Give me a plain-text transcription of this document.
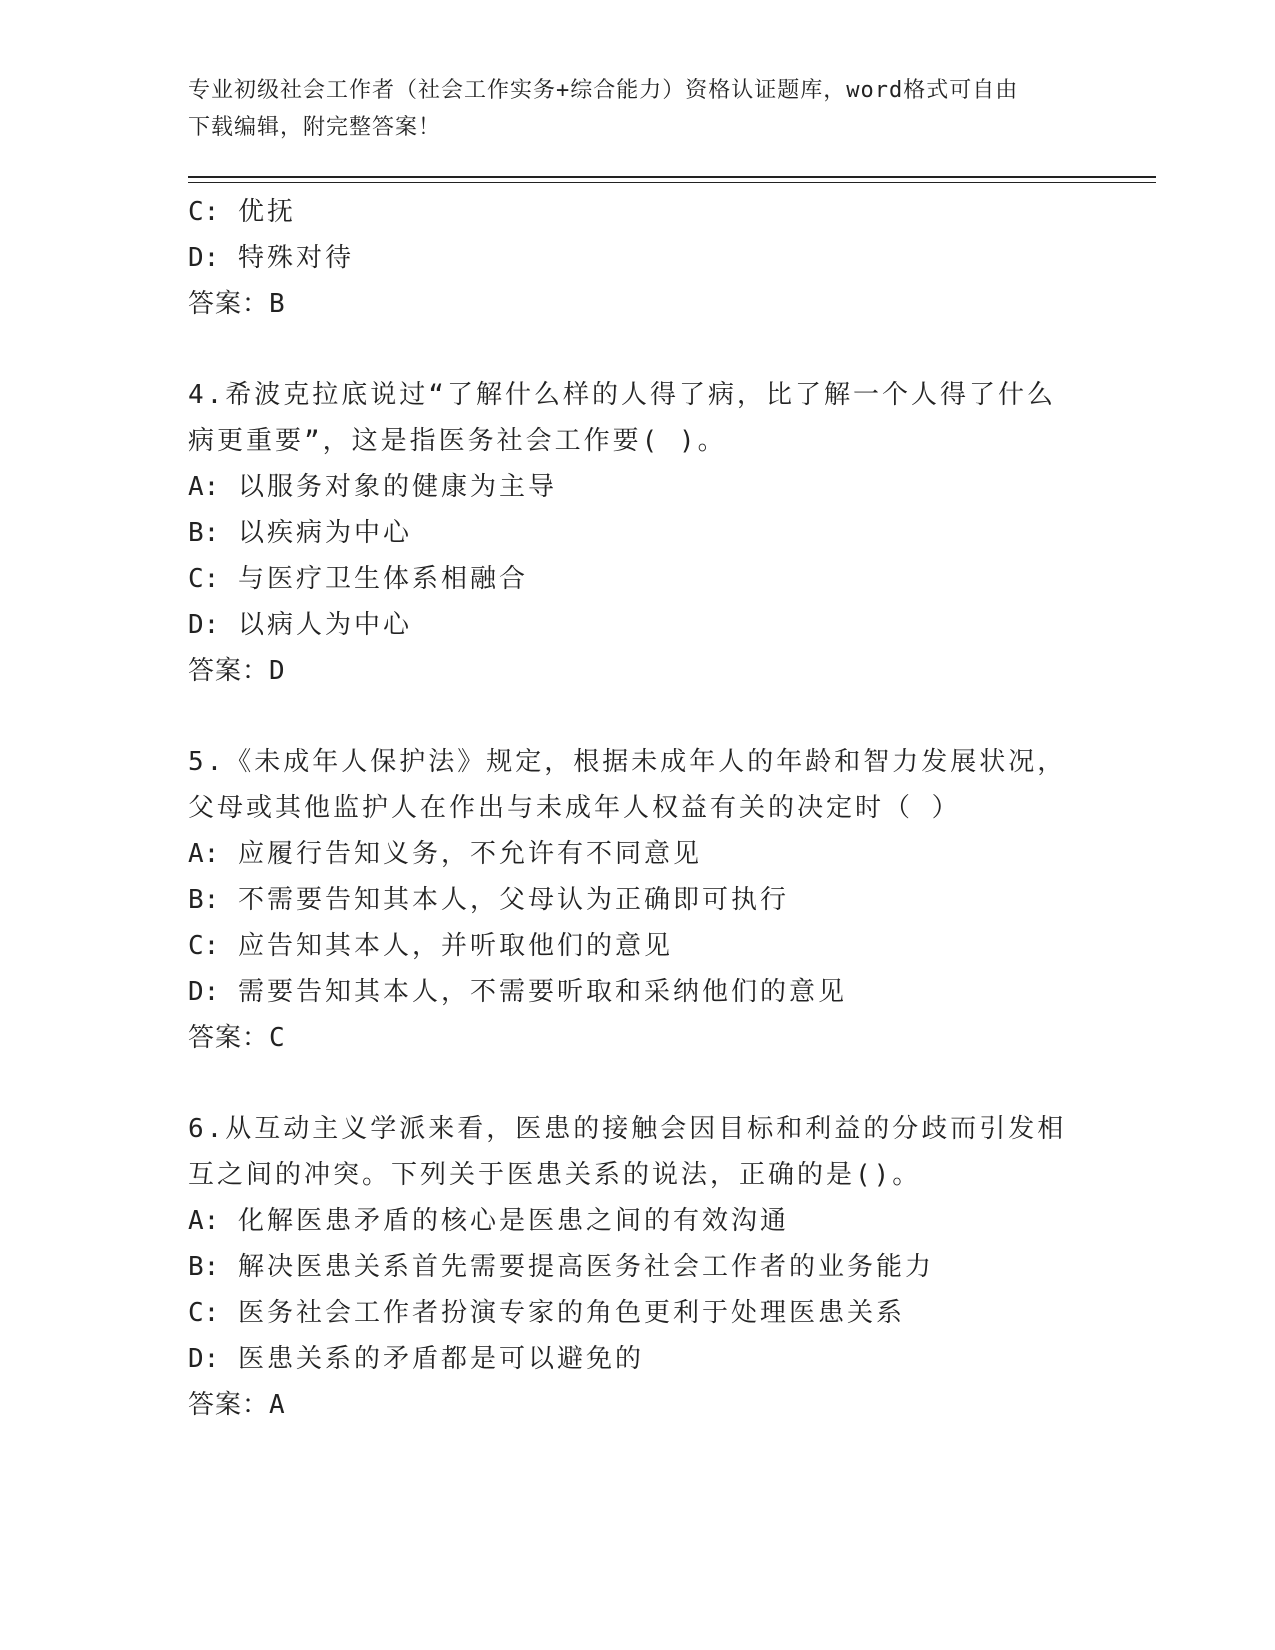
专业初级社会工作者（社会工作实务+综合能力）资格认证题库，word格式可自由
下载编辑，附完整答案！
C: 优抚
D: 特殊对待
答案：B
4.希波克拉底说过“了解什么样的人得了病，比了解一个人得了什么
病更重要”，这是指医务社会工作要( )。
A: 以服务对象的健康为主导
B: 以疾病为中心
C: 与医疗卫生体系相融合
D: 以病人为中心
答案：D
5.《未成年人保护法》规定，根据未成年人的年龄和智力发展状况，
父母或其他监护人在作出与未成年人权益有关的决定时（ ）
A: 应履行告知义务，不允许有不同意见
B: 不需要告知其本人，父母认为正确即可执行
C: 应告知其本人，并听取他们的意见
D: 需要告知其本人，不需要听取和采纳他们的意见
答案：C
6.从互动主义学派来看，医患的接触会因目标和利益的分歧而引发相
互之间的冲突。下列关于医患关系的说法，正确的是()。
A: 化解医患矛盾的核心是医患之间的有效沟通
B: 解决医患关系首先需要提高医务社会工作者的业务能力
C: 医务社会工作者扮演专家的角色更利于处理医患关系
D: 医患关系的矛盾都是可以避免的
答案：A
